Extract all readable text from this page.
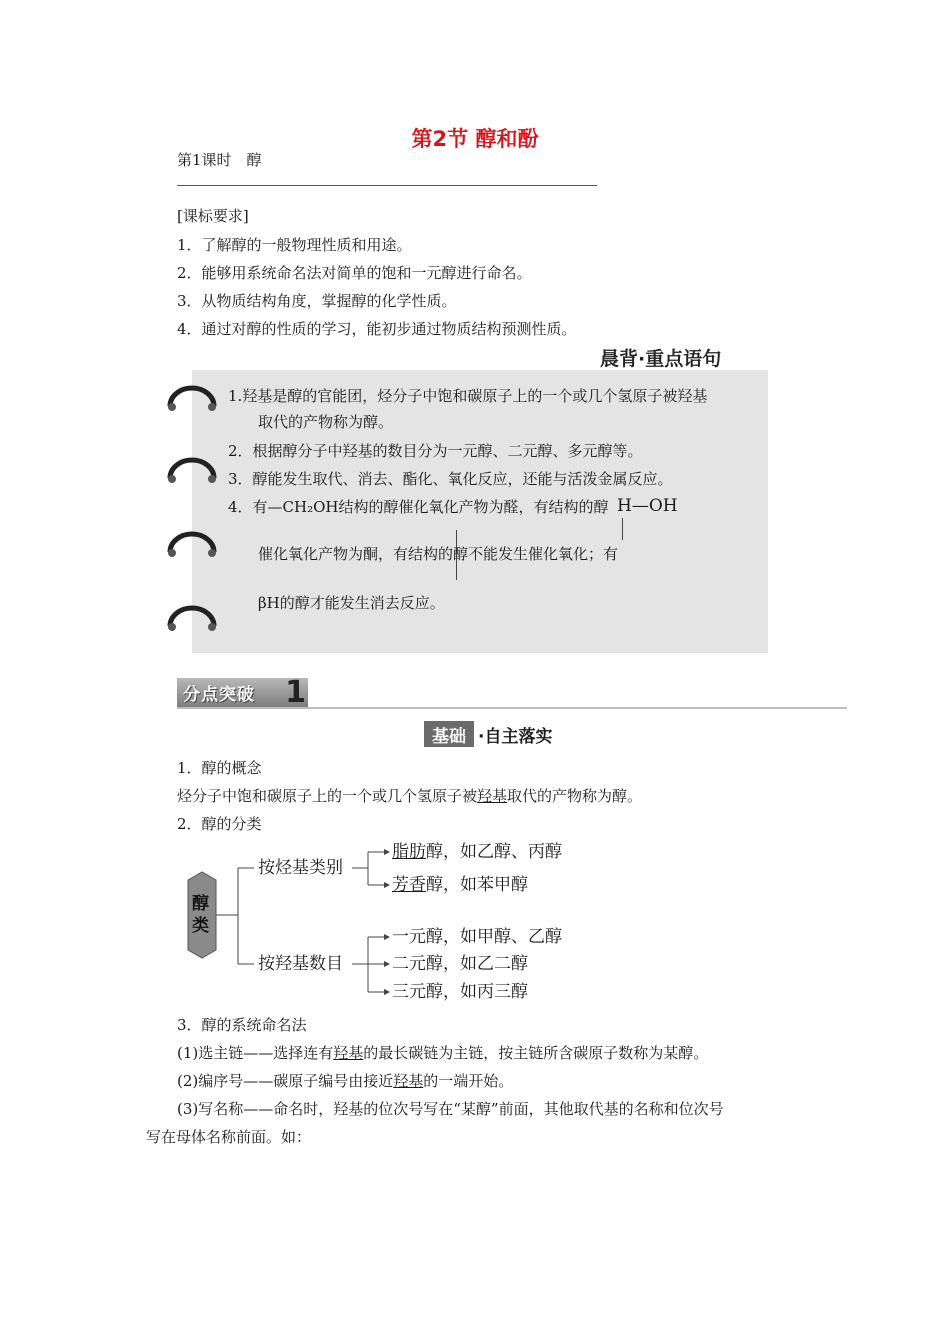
第2节 醇和酚
第1课时　醇
[课标要求]
1．了解醇的一般物理性质和用途。
2．能够用系统命名法对简单的饱和一元醇进行命名。
3．从物质结构角度，掌握醇的化学性质。
4．通过对醇的性质的学习，能初步通过物质结构预测性质。
晨背·重点语句
1.羟基是醇的官能团，烃分子中饱和碳原子上的一个或几个氢原子被羟基
取代的产物称为醇。
2．根据醇分子中羟基的数目分为一元醇、二元醇、多元醇等。
3．醇能发生取代、消去、酯化、氧化反应，还能与活泼金属反应。
4．有—CH₂OH结构的醇催化氧化产物为醛，有结构的醇 H—OH
催化氧化产物为酮，有结构的醇不能发生催化氧化；有
βH的醇才能发生消去反应。
分点突破 1
基础 ·自主落实
1．醇的概念
烃分子中饱和碳原子上的一个或几个氢原子被羟基取代的产物称为醇。
2．醇的分类
醇
类
按烃基类别
脂肪醇，如乙醇、丙醇
芳香醇，如苯甲醇
按羟基数目
一元醇，如甲醇、乙醇
二元醇，如乙二醇
三元醇，如丙三醇
3．醇的系统命名法
(1)选主链——选择连有羟基的最长碳链为主链，按主链所含碳原子数称为某醇。
(2)编序号——碳原子编号由接近羟基的一端开始。
(3)写名称——命名时，羟基的位次号写在“某醇”前面，其他取代基的名称和位次号
写在母体名称前面。如：
